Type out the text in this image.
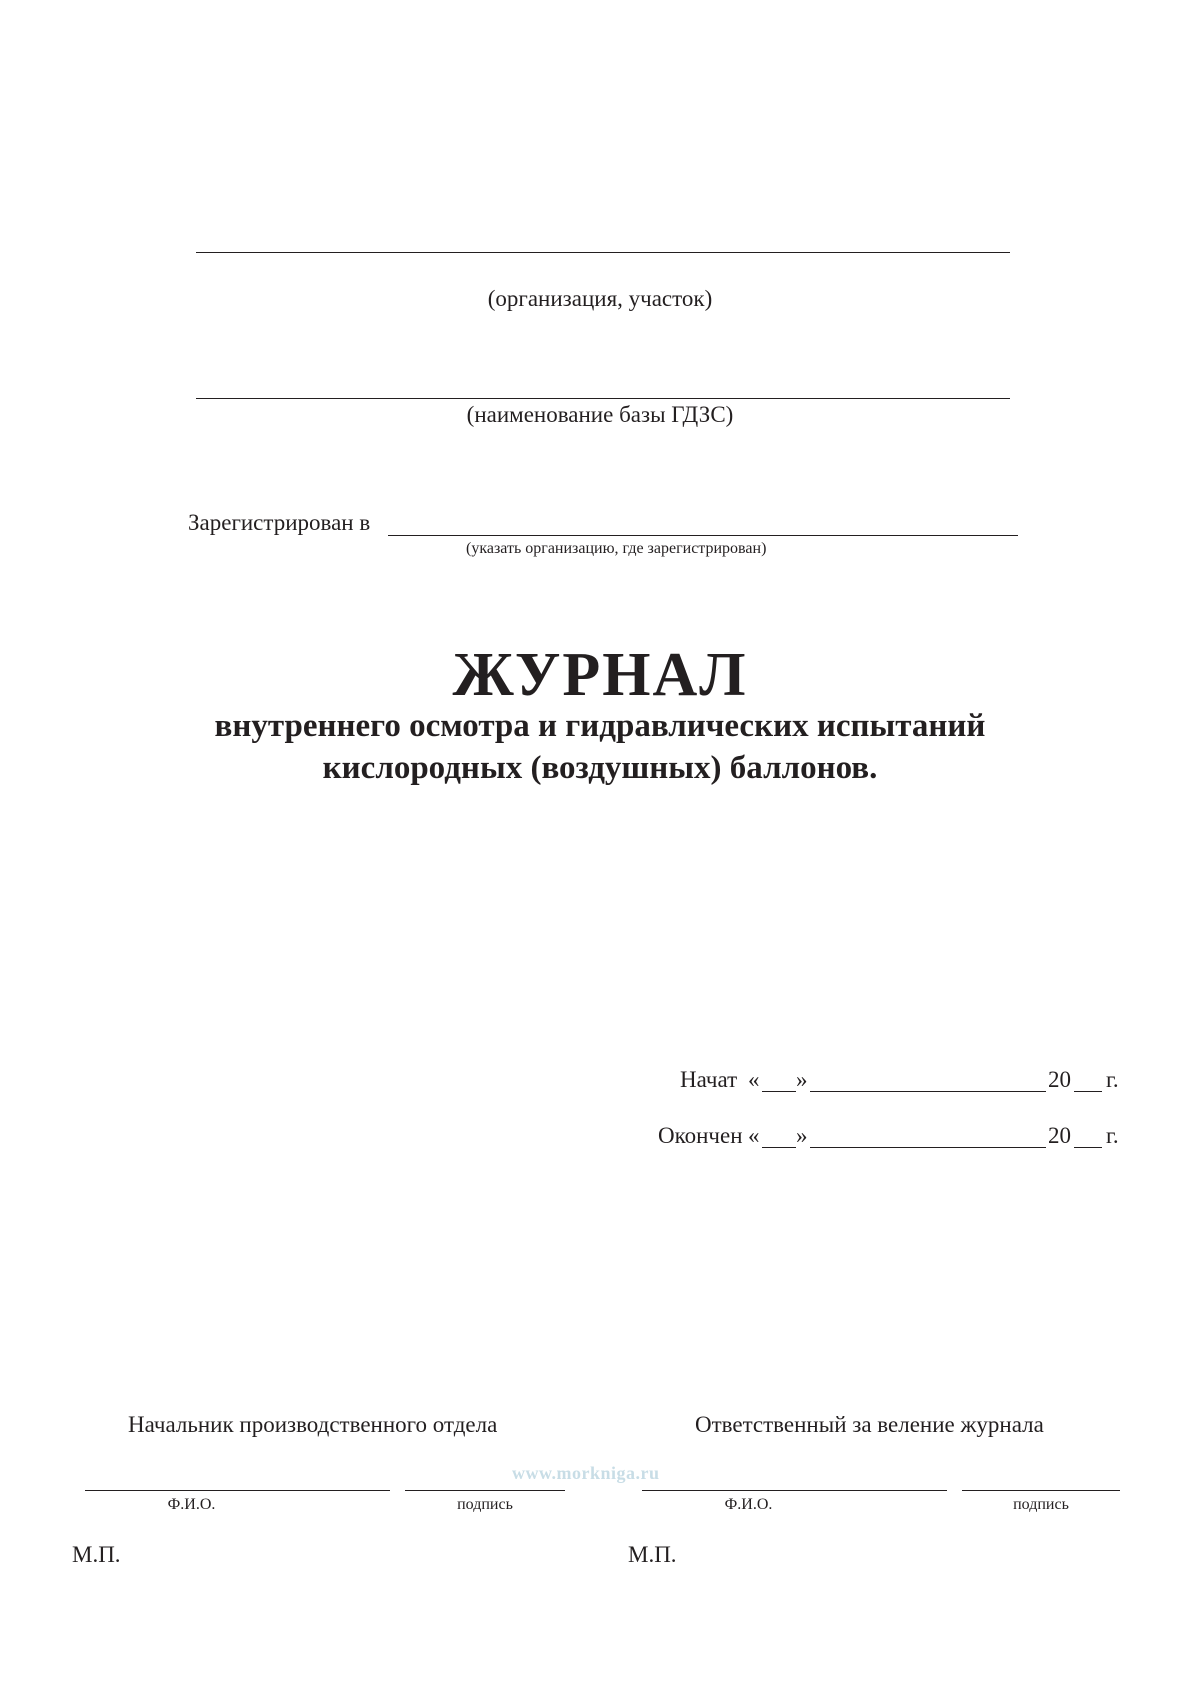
(организация, участок)
(наименование базы ГДЗС)
Зарегистрирован в
(указать организацию, где зарегистрирован)
ЖУРНАЛ
внутреннего осмотра и гидравлических испытаний
кислородных (воздушных) баллонов.
Начат « »	20 г.
Окончен « »	20 г.
Начальник производственного отдела	Ответственный за веление журнала
www.morkniga.ru
Ф.И.О.	подпись	Ф.И.О.	подпись
М.П.	М.П.
